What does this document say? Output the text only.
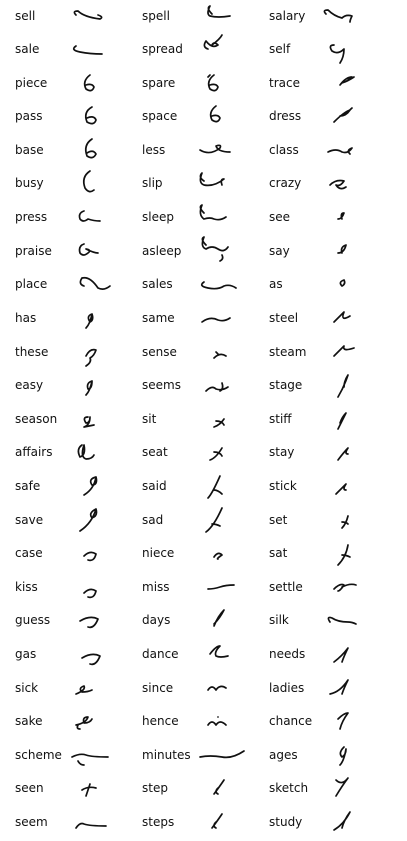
sell
sale
piece
pass
base
busy
press
praise
place
has
these
easy
season
affairs
safe
save
case
kiss
guess
gas
sick
sake
scheme
seen
seem
spell
spread
spare
space
less
slip
sleep
asleep
sales
same
sense
seems
sit
seat
said
sad
niece
miss
days
dance
since
hence
minutes
step
steps
salary
self
trace
dress
class
crazy
see
say
as
steel
steam
stage
stiff
stay
stick
set
sat
settle
silk
needs
ladies
chance
ages
sketch
study
